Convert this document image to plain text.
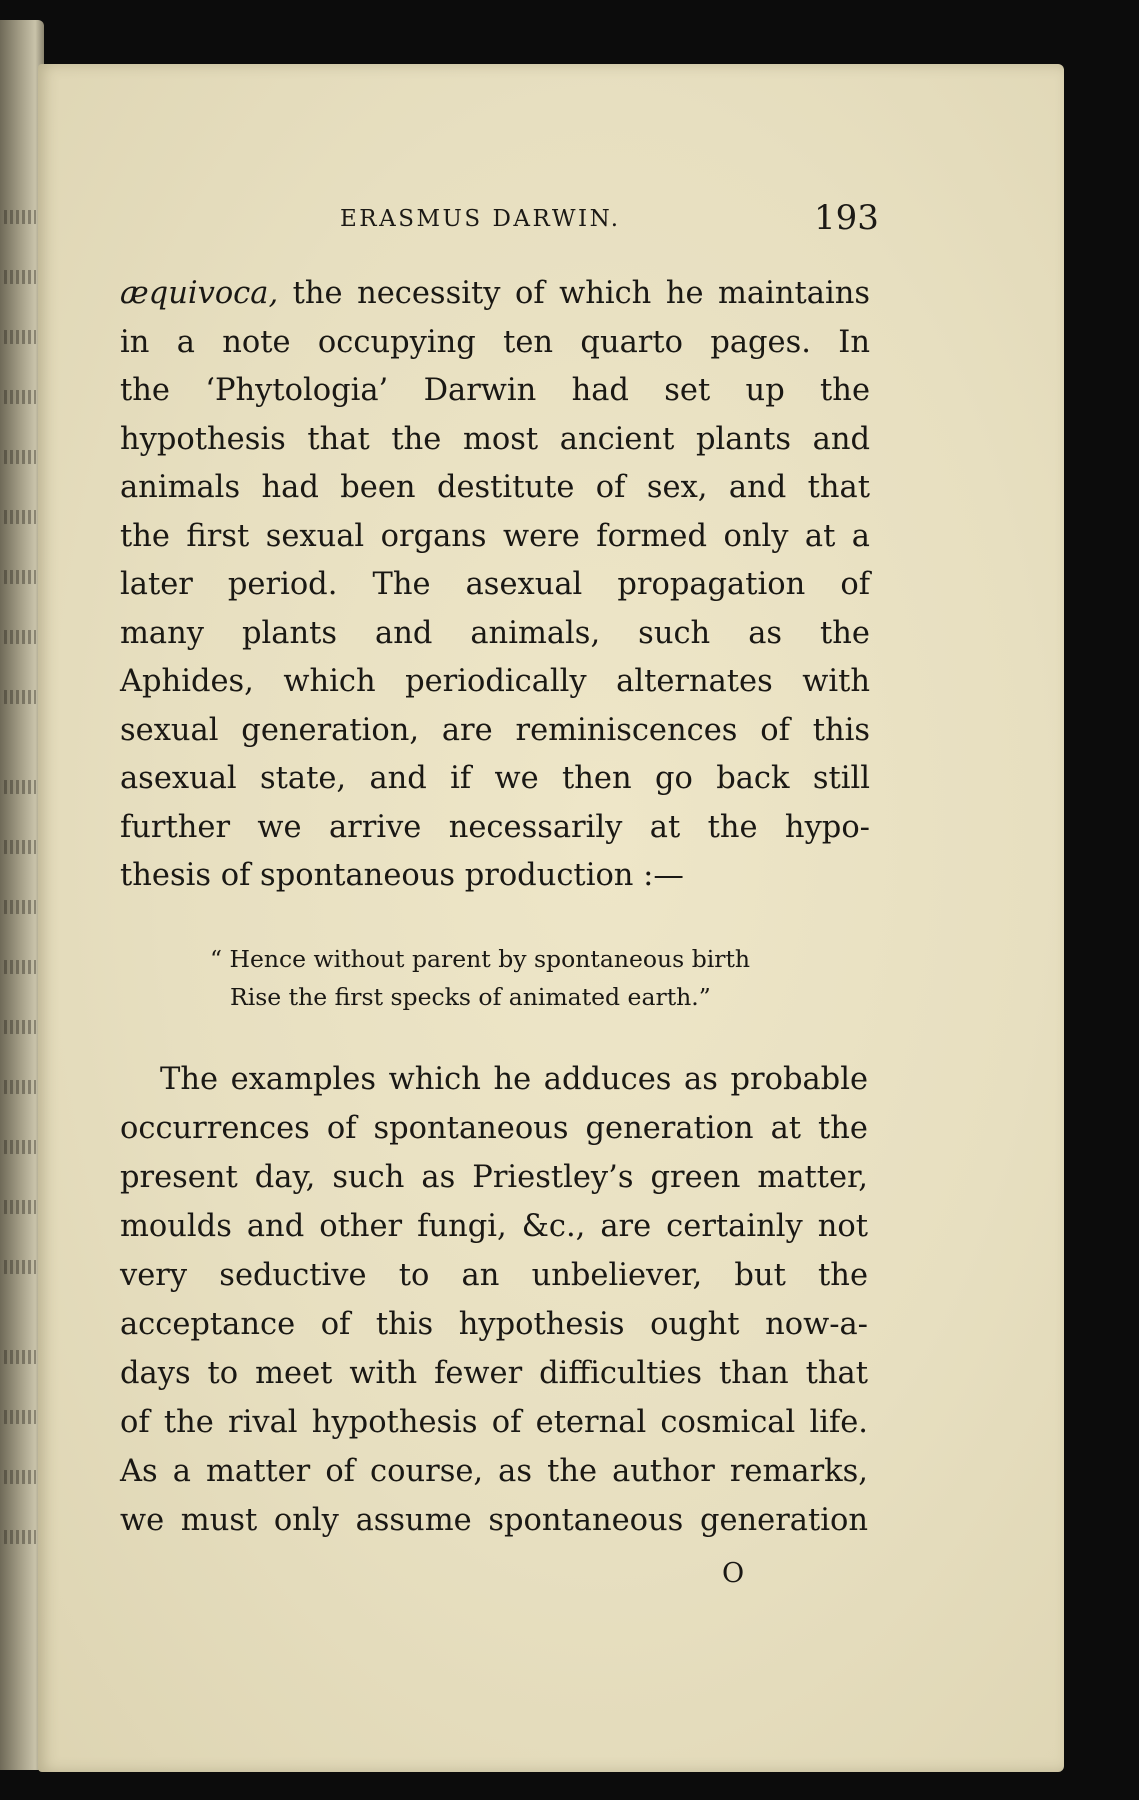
ERASMUS DARWIN.	193
æquivoca, the necessity of which he maintains
in a note occupying ten quarto pages. In
the ‘Phytologia’ Darwin had set up the
hypothesis that the most ancient plants and
animals had been destitute of sex, and that
the first sexual organs were formed only at a
later period. The asexual propagation of
many plants and animals, such as the
Aphides, which periodically alternates with
sexual generation, are reminiscences of this
asexual state, and if we then go back still
further we arrive necessarily at the hypo-
thesis of spontaneous production :—
“ Hence without parent by spontaneous birth
Rise the first specks of animated earth.”
The examples which he adduces as probable
occurrences of spontaneous generation at the
present day, such as Priestley’s green matter,
moulds and other fungi, &c., are certainly not
very seductive to an unbeliever, but the
acceptance of this hypothesis ought now-a-
days to meet with fewer difficulties than that
of the rival hypothesis of eternal cosmical life.
As a matter of course, as the author remarks,
we must only assume spontaneous generation
O
